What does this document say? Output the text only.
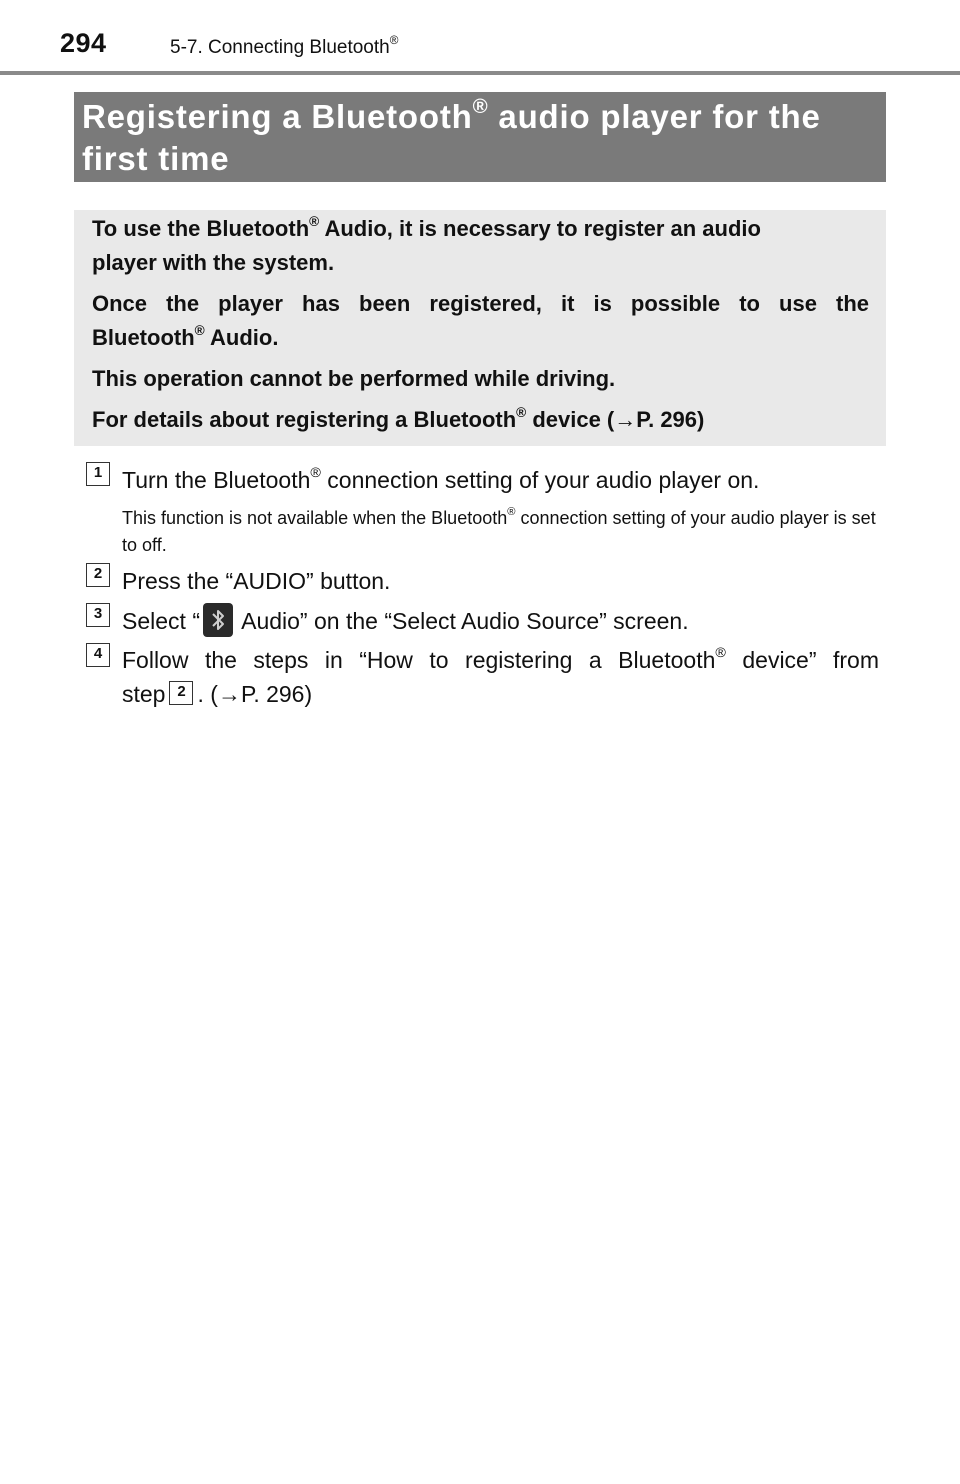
294	5-7. Connecting Bluetooth®
Registering a Bluetooth® audio player for the first time

To use the Bluetooth® Audio, it is necessary to register an audio
player with the system.

Once the player has been registered, it is possible to use the
Bluetooth® Audio.

This operation cannot be performed while driving.

For details about registering a Bluetooth® device (→P. 296)

1 Turn the Bluetooth® connection setting of your audio player on.

This function is not available when the Bluetooth® connection setting of your audio player is set to off.

2 Press the “AUDIO” button.

3 Select “
Audio” on the “Select Audio Source” screen.

4 Follow the steps in “How to registering a Bluetooth® device” from
step 2 . (→P. 296)
